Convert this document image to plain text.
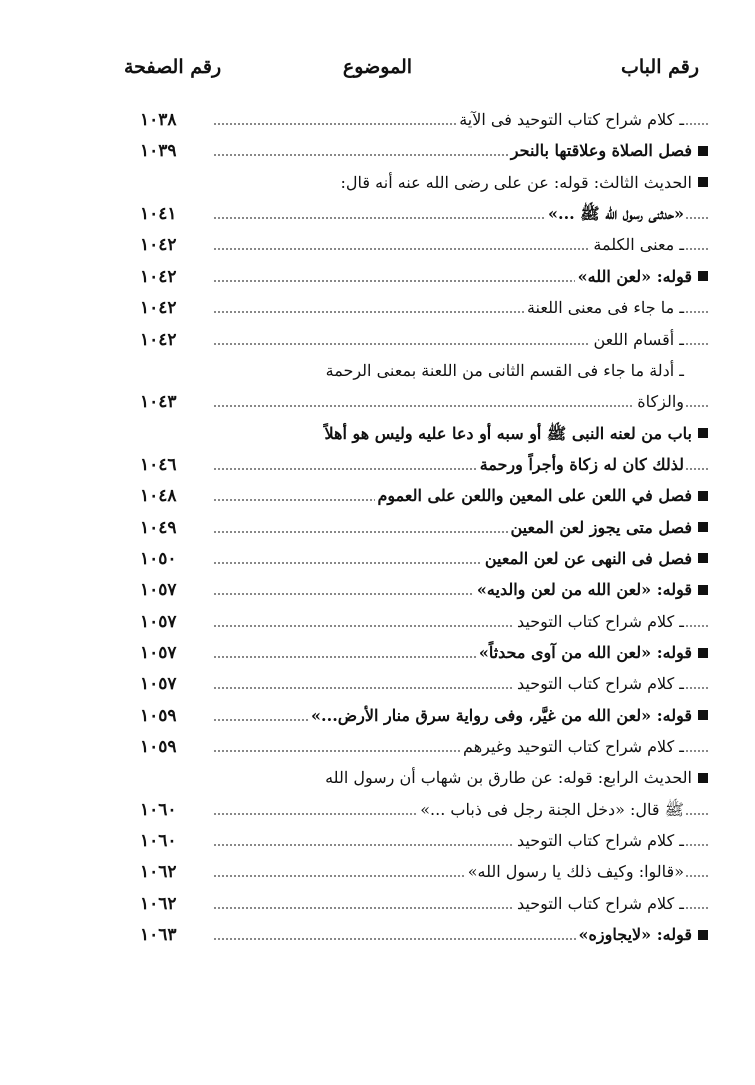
رقم الباب
الموضوع
رقم الصفحة
ـ كلام شراح كتاب التوحيد فى الآية
١٠٣٨
فصل الصلاة وعلاقتها بالنحر
١٠٣٩
الحديث الثالث: قوله: عن على رضى الله عنه أنه قال:
«حدثنى رسول الله ﷺ ...»
١٠٤١
ـ معنى الكلمة
١٠٤٢
قوله: «لعن الله»
١٠٤٢
ـ ما جاء فى معنى اللعنة
١٠٤٢
ـ أقسام اللعن
١٠٤٢
ـ أدلة ما جاء فى القسم الثانى من اللعنة بمعنى الرحمة
والزكاة
١٠٤٣
باب من لعنه النبى ﷺ أو سبه أو دعا عليه وليس هو أهلاً
لذلك كان له زكاة وأجراً ورحمة
١٠٤٦
فصل في اللعن على المعين واللعن على العموم
١٠٤٨
فصل متى يجوز لعن المعين
١٠٤٩
فصل فى النهى عن لعن المعين
١٠٥٠
قوله: «لعن الله من لعن والديه»
١٠٥٧
ـ كلام شراح كتاب التوحيد
١٠٥٧
قوله: «لعن الله من آوى محدثاً»
١٠٥٧
ـ كلام شراح كتاب التوحيد
١٠٥٧
قوله: «لعن الله من غيَّر، وفى رواية سرق منار الأرض...»
١٠٥٩
ـ كلام شراح كتاب التوحيد وغيرهم
١٠٥٩
الحديث الرابع: قوله: عن طارق بن شهاب أن رسول الله
ﷺ قال: «دخل الجنة رجل فى ذباب ...»
١٠٦٠
ـ كلام شراح كتاب التوحيد
١٠٦٠
«قالوا: وكيف ذلك يا رسول الله»
١٠٦٢
ـ كلام شراح كتاب التوحيد
١٠٦٢
قوله: «لايجاوزه»
١٠٦٣
